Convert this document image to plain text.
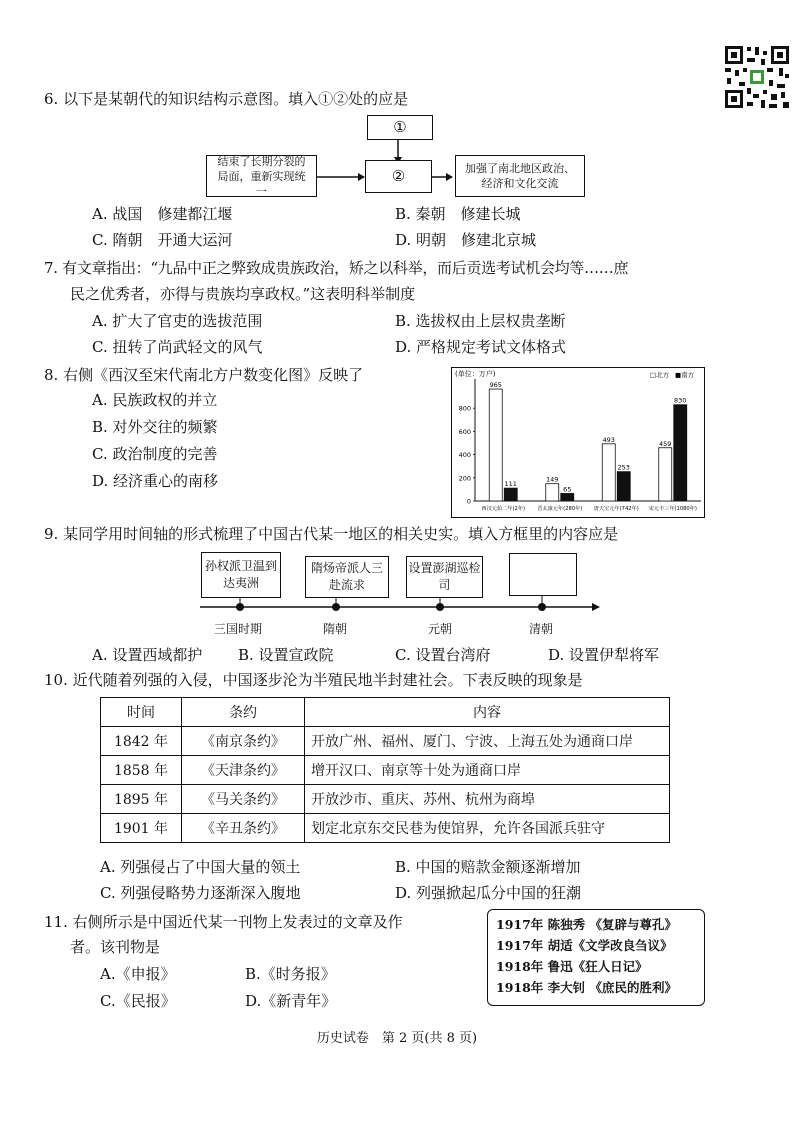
6. 以下是某朝代的知识结构示意图。填入①②处的应是
①
结束了长期分裂的局面，重新实现统一
②	加强了南北地区政治、经济和文化交流
A. 战国　修建都江堰	B. 秦朝　修建长城
C. 隋朝　开通大运河	D. 明朝　修建北京城
7. 有文章指出：“九品中正之弊致成贵族政治，矫之以科举，而后贡选考试机会均等……庶
民之优秀者，亦得与贵族均享政权。”这表明科举制度
A. 扩大了官吏的选拔范围	B. 选拔权由上层权贵垄断
C. 扭转了尚武轻文的风气	D. 严格规定考试文体格式
8. 右侧《西汉至宋代南北方户数变化图》反映了
A. 民族政权的并立
B. 对外交往的频繁
C. 政治制度的完善
D. 经济重心的南移
(单位：万户)	□北方 ■南方
0
200
400
600
800
965
111
西汉元始二年(2年)
149
65
晋太康元年(280年)
493
253
唐天宝元年(742年)
459
830
宋元丰三年(1080年)
9. 某同学用时间轴的形式梳理了中国古代某一地区的相关史实。填入方框里的内容应是
孙权派卫温到达夷洲
隋炀帝派人三赴流求
设置澎湖巡检司
三国时期	隋朝	元朝	清朝
A. 设置西域都护 B. 设置宣政院	C. 设置台湾府	D. 设置伊犁将军
10. 近代随着列强的入侵，中国逐步沦为半殖民地半封建社会。下表反映的现象是
时间	条约	内容
1842 年	《南京条约》	开放广州、福州、厦门、宁波、上海五处为通商口岸
1858 年	《天津条约》	增开汉口、南京等十处为通商口岸
1895 年	《马关条约》	开放沙市、重庆、苏州、杭州为商埠
1901 年	《辛丑条约》	划定北京东交民巷为使馆界，允许各国派兵驻守
A. 列强侵占了中国大量的领土	B. 中国的赔款金额逐渐增加
C. 列强侵略势力逐渐深入腹地	D. 列强掀起瓜分中国的狂潮
11. 右侧所示是中国近代某一刊物上发表过的文章及作
者。该刊物是
A.《申报》	B.《时务报》
C.《民报》	D.《新青年》
1917年 陈独秀 《复辟与尊孔》
1917年 胡适《文学改良刍议》
1918年 鲁迅《狂人日记》
1918年 李大钊 《庶民的胜利》
历史试卷　第 2 页(共 8 页)
